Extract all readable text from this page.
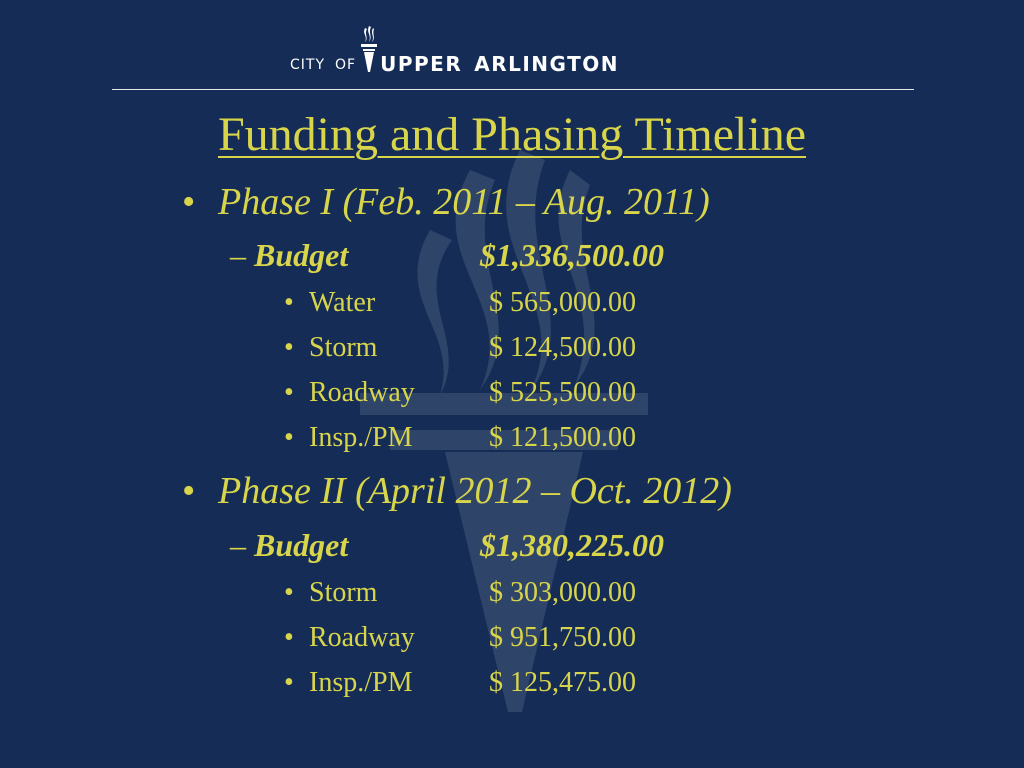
CITY OF UPPER ARLINGTON
Funding and Phasing Timeline
• Phase I (Feb. 2011 – Aug. 2011)
– Budget	$1,336,500.00
• Water	$ 565,000.00
• Storm	$ 124,500.00
• Roadway	$ 525,500.00
• Insp./PM	$ 121,500.00
• Phase II (April 2012 – Oct. 2012)
– Budget	$1,380,225.00
• Storm	$ 303,000.00
• Roadway	$ 951,750.00
• Insp./PM	$ 125,475.00
